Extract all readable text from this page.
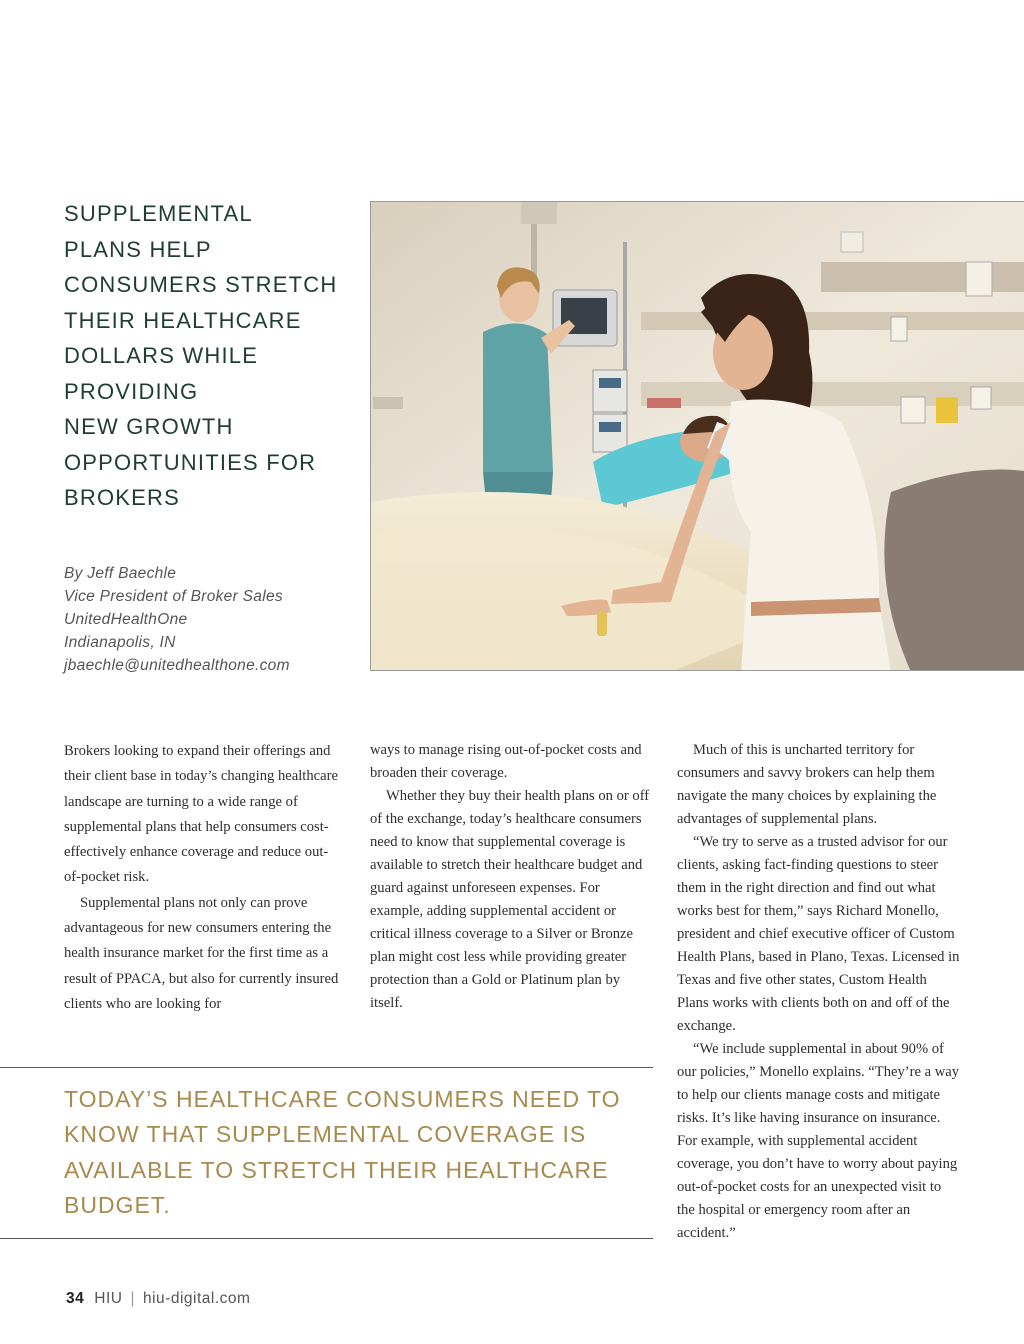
SUPPLEMENTAL
PLANS HELP
CONSUMERS STRETCH
THEIR HEALTHCARE
DOLLARS WHILE
PROVIDING
NEW GROWTH
OPPORTUNITIES FOR
BROKERS
By Jeff Baechle
Vice President of Broker Sales
UnitedHealthOne
Indianapolis, IN
jbaechle@unitedhealthone.com

Brokers looking to expand their offerings and their client base in today’s changing healthcare landscape are turning to a wide range of supplemental plans that help consumers cost-effectively enhance coverage and reduce out-of-pocket risk.

Supplemental plans not only can prove advantageous for new consumers entering the health insurance market for the first time as a result of PPACA, but also for currently insured clients who are looking for

ways to manage rising out-of-pocket costs and broaden their coverage.

Whether they buy their health plans on or off of the exchange, today’s healthcare consumers need to know that supplemental coverage is available to stretch their healthcare budget and guard against unforeseen expenses. For example, adding supplemental accident or critical illness coverage to a Silver or Bronze plan might cost less while providing greater protection than a Gold or Platinum plan by itself.

Much of this is uncharted territory for consumers and savvy brokers can help them navigate the many choices by explaining the advantages of supplemental plans.

“We try to serve as a trusted advisor for our clients, asking fact-finding questions to steer them in the right direction and find out what works best for them,” says Richard Monello, president and chief executive officer of Custom Health Plans, based in Plano, Texas. Licensed in Texas and five other states, Custom Health Plans works with clients both on and off of the exchange.

“We include supplemental in about 90% of our policies,” Monello explains. “They’re a way to help our clients manage costs and mitigate risks. It’s like having insurance on insurance. For example, with supplemental accident coverage, you don’t have to worry about paying out-of-pocket costs for an unexpected visit to the hospital or emergency room after an accident.”

TODAY’S HEALTHCARE CONSUMERS NEED TO KNOW THAT SUPPLEMENTAL COVERAGE IS AVAILABLE TO STRETCH THEIR HEALTHCARE BUDGET.
34 HIU | hiu-digital.com
